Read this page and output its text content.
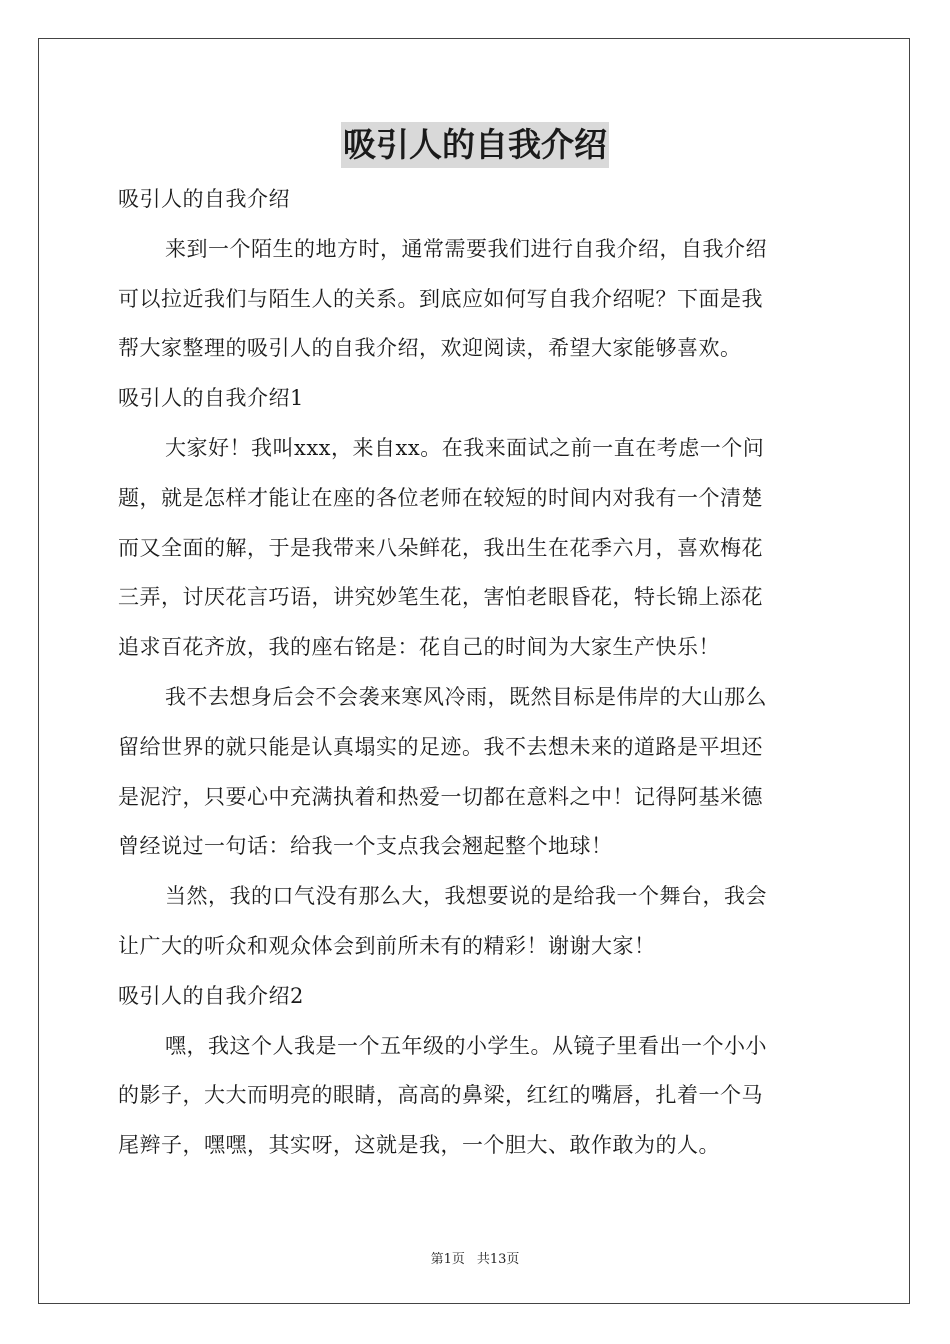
吸引人的自我介绍
吸引人的自我介绍
来到一个陌生的地方时，通常需要我们进行自我介绍，自我介绍
可以拉近我们与陌生人的关系。到底应如何写自我介绍呢？下面是我
帮大家整理的吸引人的自我介绍，欢迎阅读，希望大家能够喜欢。
吸引人的自我介绍1
大家好！我叫xxx，来自xx。在我来面试之前一直在考虑一个问
题，就是怎样才能让在座的各位老师在较短的时间内对我有一个清楚
而又全面的解，于是我带来八朵鲜花，我出生在花季六月，喜欢梅花
三弄，讨厌花言巧语，讲究妙笔生花，害怕老眼昏花，特长锦上添花
追求百花齐放，我的座右铭是：花自己的时间为大家生产快乐！
我不去想身后会不会袭来寒风冷雨，既然目标是伟岸的大山那么
留给世界的就只能是认真塌实的足迹。我不去想未来的道路是平坦还
是泥泞，只要心中充满执着和热爱一切都在意料之中！记得阿基米德
曾经说过一句话：给我一个支点我会翘起整个地球！
当然，我的口气没有那么大，我想要说的是给我一个舞台，我会
让广大的听众和观众体会到前所未有的精彩！谢谢大家！
吸引人的自我介绍2
嘿，我这个人我是一个五年级的小学生。从镜子里看出一个小小
的影子，大大而明亮的眼睛，高高的鼻梁，红红的嘴唇，扎着一个马
尾辫子，嘿嘿，其实呀，这就是我，一个胆大、敢作敢为的人。
第1页 共13页
